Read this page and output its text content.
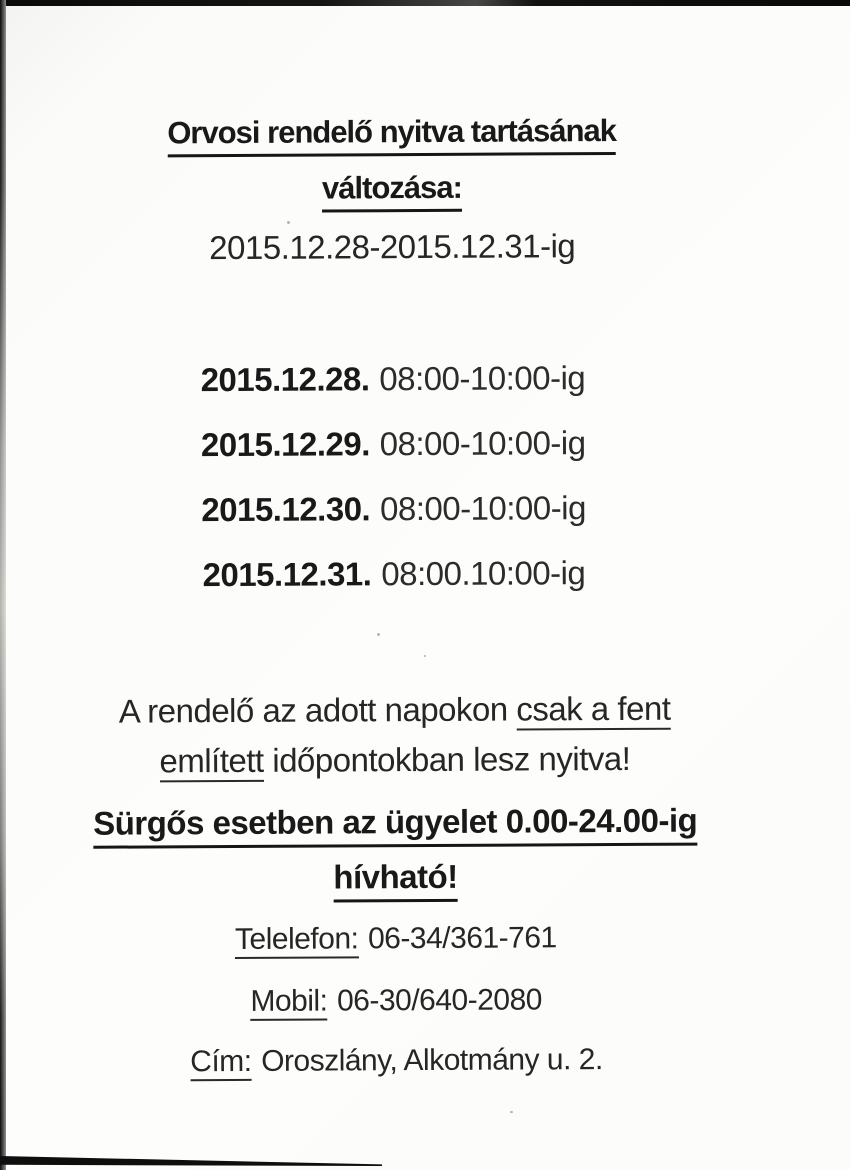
Orvosi rendelő nyitva tartásának
változása:
2015.12.28-2015.12.31-ig
2015.12.28. 08:00-10:00-ig
2015.12.29. 08:00-10:00-ig
2015.12.30. 08:00-10:00-ig
2015.12.31. 08:00.10:00-ig
A rendelő az adott napokon csak a fent
említett időpontokban lesz nyitva!
Sürgős esetben az ügyelet 0.00-24.00-ig
hívható!
Telelefon: 06-34/361-761
Mobil: 06-30/640-2080
Cím: Oroszlány, Alkotmány u. 2.
